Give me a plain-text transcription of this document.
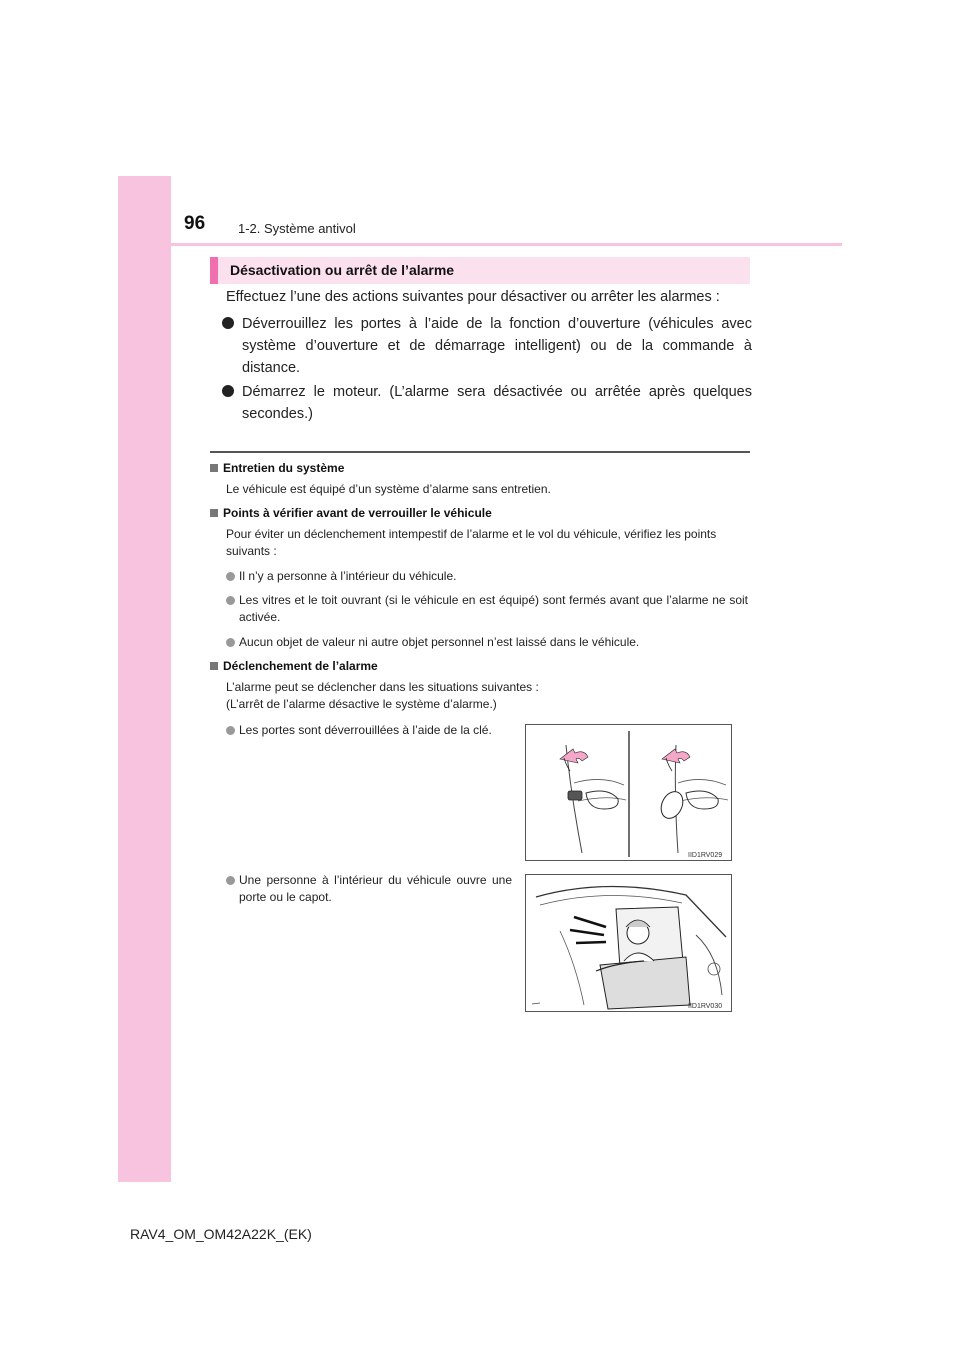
96	1-2. Système antivol
Désactivation ou arrêt de l’alarme
Effectuez l’une des actions suivantes pour désactiver ou arrêter les alarmes :
Déverrouillez les portes à l’aide de la fonction d’ouverture (véhicules avec système d’ouverture et de démarrage intelligent) ou de la commande à distance.
Démarrez le moteur. (L’alarme sera désactivée ou arrêtée après quelques secondes.)
Entretien du système
Le véhicule est équipé d’un système d’alarme sans entretien.
Points à vérifier avant de verrouiller le véhicule
Pour éviter un déclenchement intempestif de l’alarme et le vol du véhicule, vérifiez les points suivants :
Il n’y a personne à l’intérieur du véhicule.
Les vitres et le toit ouvrant (si le véhicule en est équipé) sont fermés avant que l’alarme ne soit activée.
Aucun objet de valeur ni autre objet personnel n’est laissé dans le véhicule.
Déclenchement de l’alarme
L’alarme peut se déclencher dans les situations suivantes :
(L’arrêt de l’alarme désactive le système d’alarme.)
Les portes sont déverrouillées à l’aide de la clé.
Une personne à l’intérieur du véhicule ouvre une porte ou le capot.
IID1RV029
IID1RV030
RAV4_OM_OM42A22K_(EK)
